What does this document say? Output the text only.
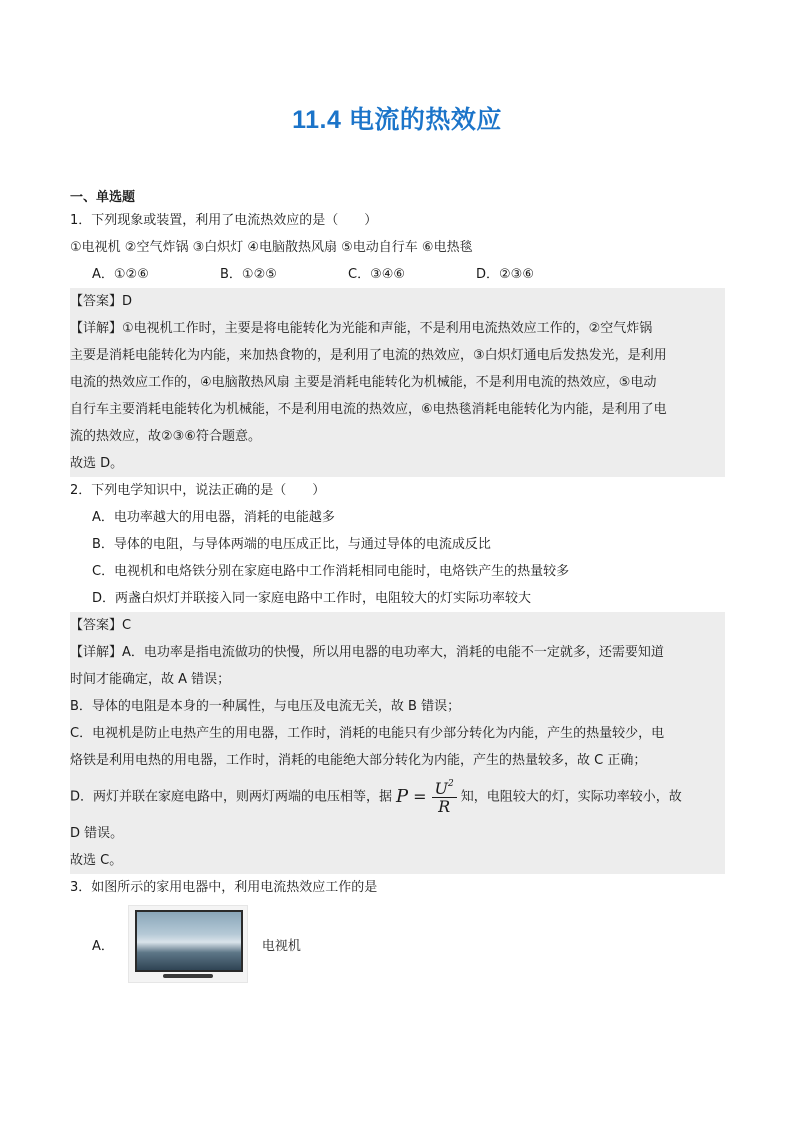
11.4 电流的热效应
一、单选题
1．下列现象或装置，利用了电流热效应的是（　　）
①电视机 ②空气炸锅 ③白炽灯 ④电脑散热风扇 ⑤电动自行车 ⑥电热毯
A．①②⑥	B．①②⑤	C．③④⑥	D．②③⑥
【答案】D
【详解】①电视机工作时，主要是将电能转化为光能和声能，不是利用电流热效应工作的，②空气炸锅
主要是消耗电能转化为内能，来加热食物的，是利用了电流的热效应，③白炽灯通电后发热发光，是利用
电流的热效应工作的，④电脑散热风扇 主要是消耗电能转化为机械能，不是利用电流的热效应，⑤电动
自行车主要消耗电能转化为机械能，不是利用电流的热效应，⑥电热毯消耗电能转化为内能，是利用了电
流的热效应，故②③⑥符合题意。
故选 D。
2．下列电学知识中，说法正确的是（　　）
A．电功率越大的用电器，消耗的电能越多
B．导体的电阻，与导体两端的电压成正比，与通过导体的电流成反比
C．电视机和电烙铁分别在家庭电路中工作消耗相同电能时，电烙铁产生的热量较多
D．两盏白炽灯并联接入同一家庭电路中工作时，电阻较大的灯实际功率较大
【答案】C
【详解】A．电功率是指电流做功的快慢，所以用电器的电功率大，消耗的电能不一定就多，还需要知道
时间才能确定，故 A 错误；
B．导体的电阻是本身的一种属性，与电压及电流无关，故 B 错误；
C．电视机是防止电热产生的用电器，工作时，消耗的电能只有少部分转化为内能，产生的热量较少，电
烙铁是利用电热的用电器，工作时，消耗的电能绝大部分转化为内能，产生的热量较多，故 C 正确；
D．两灯并联在家庭电路中，则两灯两端的电压相等，据 $P = \frac{U^2}{R}$ 知，电阻较大的灯，实际功率较小，故
D 错误。
故选 C。
3．如图所示的家用电器中，利用电流热效应工作的是
A．	电视机
